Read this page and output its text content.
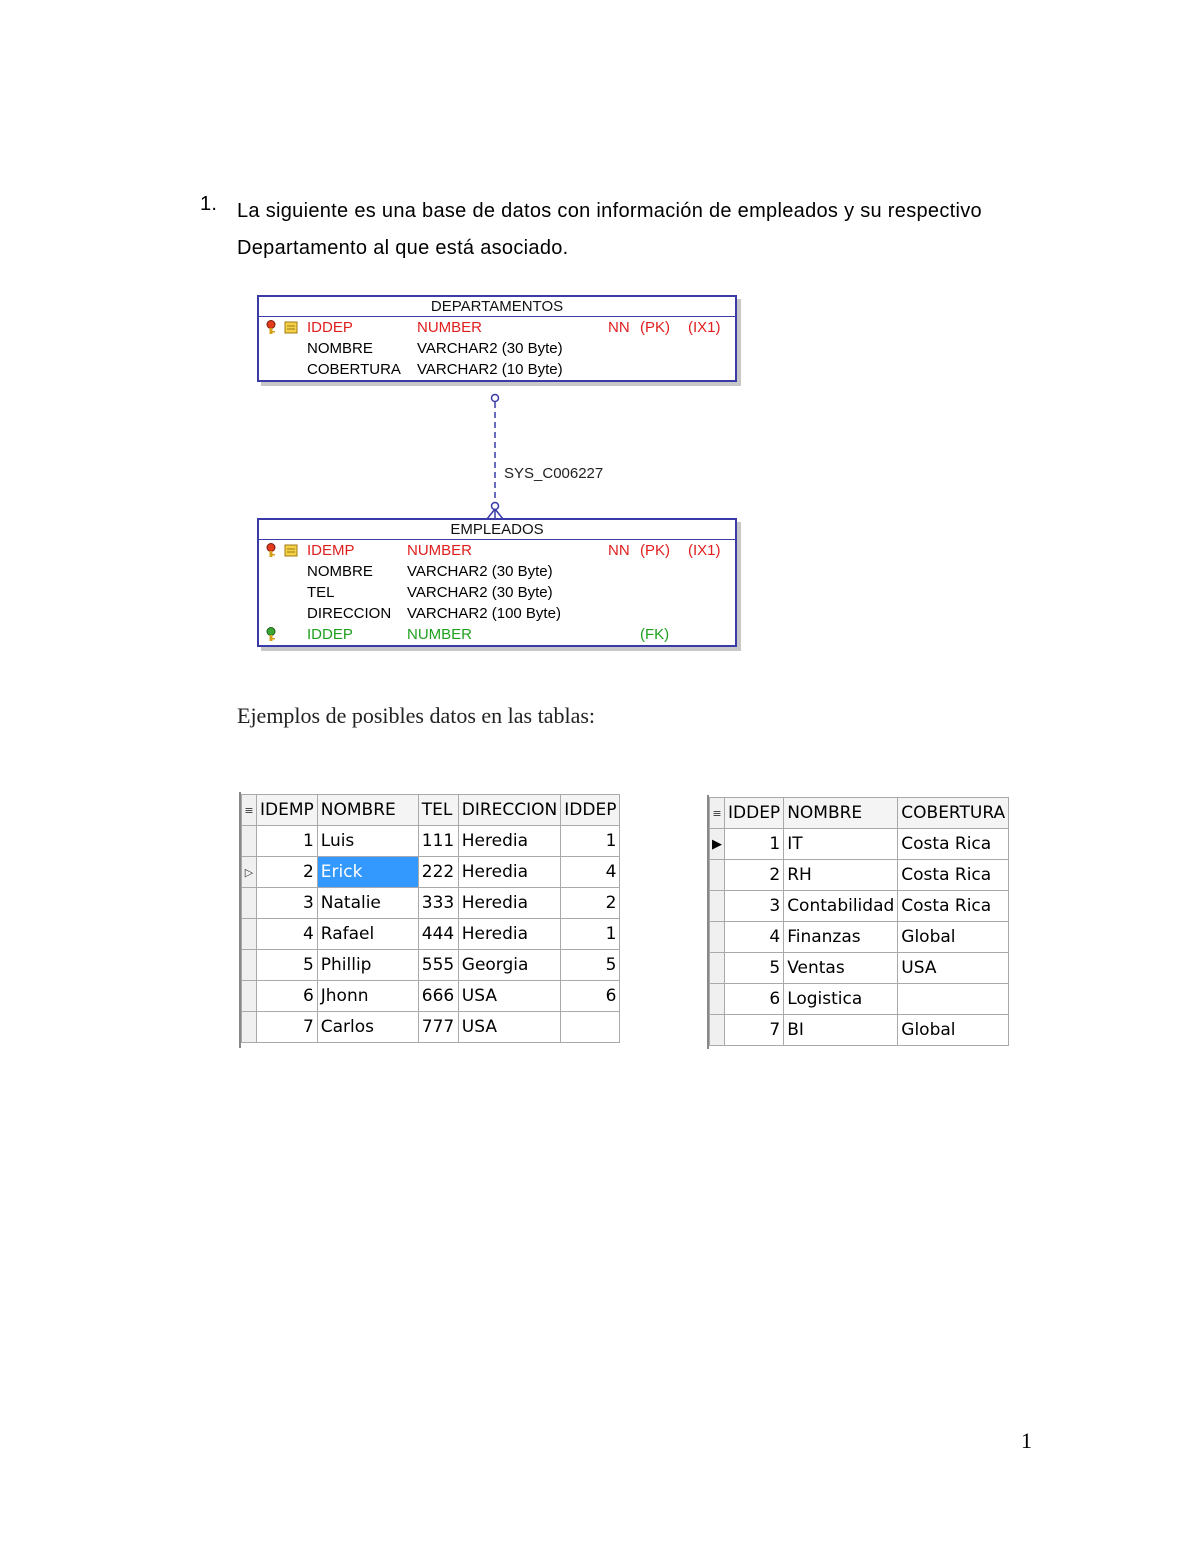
1. La siguiente es una base de datos con información de empleados y su respectivo
Departamento al que está asociado.
DEPARTAMENTOS
IDDEP	NUMBER	NN (PK) (IX1)
NOMBRE	VARCHAR2 (30 Byte)
COBERTURA VARCHAR2 (10 Byte)
SYS_C006227
EMPLEADOS
IDEMP	NUMBER	NN (PK) (IX1)
NOMBRE VARCHAR2 (30 Byte)
TEL	VARCHAR2 (30 Byte)
DIRECCION VARCHAR2 (100 Byte)
IDDEP	NUMBER	(FK)
Ejemplos de posibles datos en las tablas:
≡	IDEMP	NOMBRE	TEL	DIRECCION	IDDEP
	1	Luis	111	Heredia	1
▷	2	Erick	222	Heredia	4
	3	Natalie	333	Heredia	2
	4	Rafael	444	Heredia	1
	5	Phillip	555	Georgia	5
	6	Jhonn	666	USA	6
	7	Carlos	777	USA	
≡	IDDEP	NOMBRE	COBERTURA
▶	1	IT	Costa Rica
	2	RH	Costa Rica
	3	Contabilidad	Costa Rica
	4	Finanzas	Global
	5	Ventas	USA
	6	Logistica	
	7	BI	Global
1
